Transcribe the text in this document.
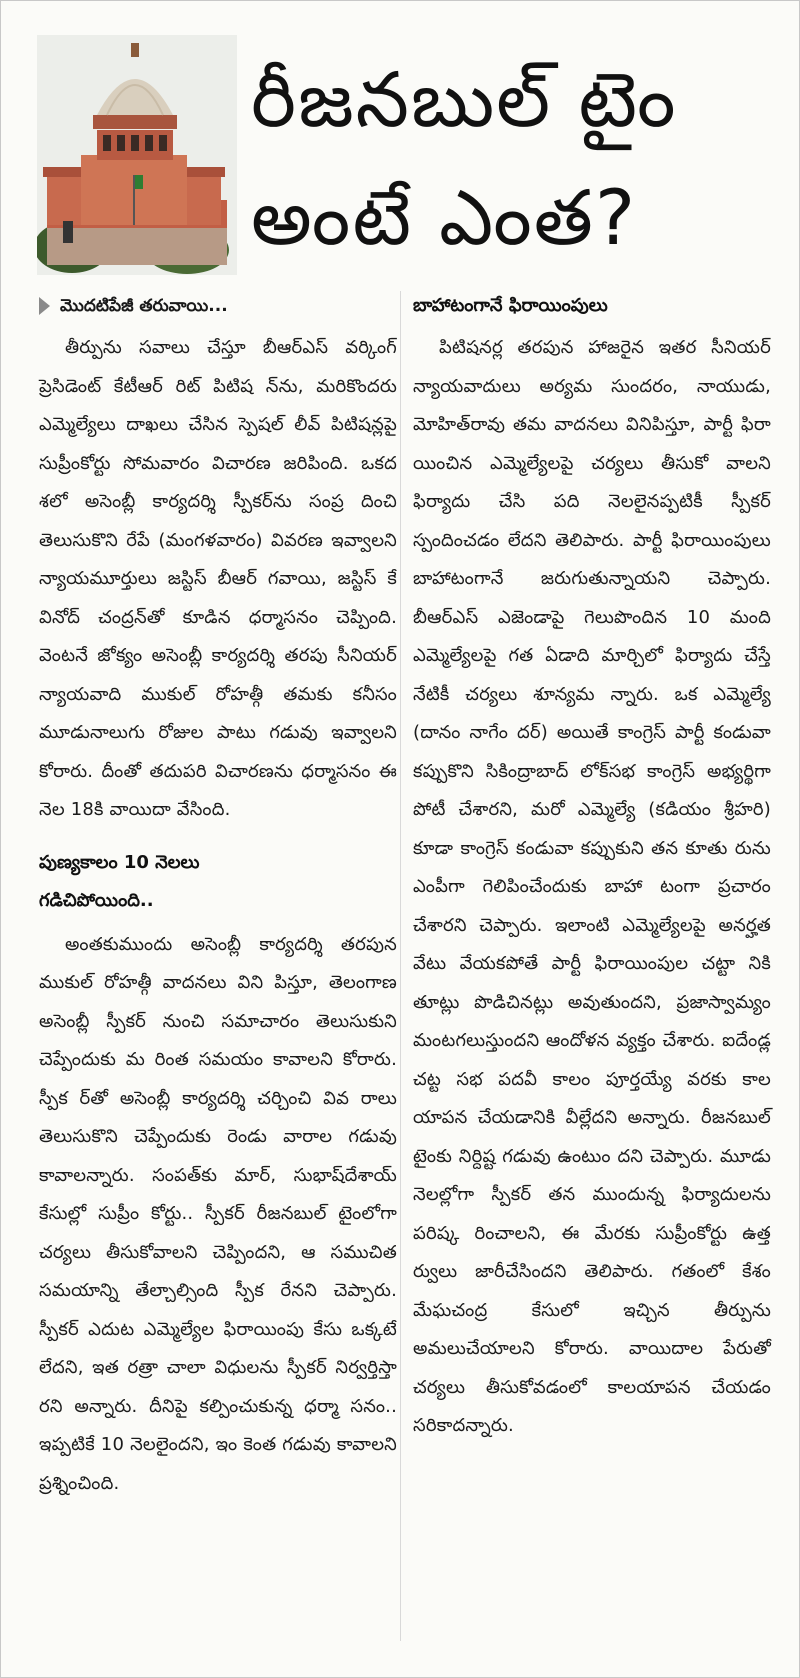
రీజనబుల్ టైం
అంటే ఎంత?
మొదటిపేజీ తరువాయి...

తీర్పును సవాలు చేస్తూ బీఆర్ఎస్ వర్కింగ్ ప్రెసిడెంట్ కేటీఆర్ రిట్ పిటిష న్‌ను, మరికొందరు ఎమ్మెల్యేలు దాఖలు చేసిన స్పెషల్ లీవ్ పిటిషన్లపై సుప్రీంకోర్టు సోమవారం విచారణ జరిపింది. ఒకద శలో అసెంబ్లీ కార్యదర్శి స్పీకర్‌ను సంప్ర దించి తెలుసుకొని రేపే (మంగళవారం) వివరణ ఇవ్వాలని న్యాయమూర్తులు జస్టిస్ బీఆర్ గవాయి, జస్టిస్ కే వినోద్ చంద్రన్‌తో కూడిన ధర్మాసనం చెప్పింది. వెంటనే జోక్యం అసెంబ్లీ కార్యదర్శి తరపు సీనియర్ న్యాయవాది ముకుల్ రోహత్గీ తమకు కనీసం మూడునాలుగు రోజుల పాటు గడువు ఇవ్వాలని కోరారు. దీంతో తదుపరి విచారణను ధర్మాసనం ఈ నెల 18కి వాయిదా వేసింది.

పుణ్యకాలం 10 నెలలు
గడిచిపోయింది..

అంతకుముందు అసెంబ్లీ కార్యదర్శి తరపున ముకుల్ రోహత్గీ వాదనలు విని పిస్తూ, తెలంగాణ అసెంబ్లీ స్పీకర్ నుంచి సమాచారం తెలుసుకుని చెప్పేందుకు మ రింత సమయం కావాలని కోరారు. స్పీక ర్‌తో అసెంబ్లీ కార్యదర్శి చర్చించి వివ రాలు తెలుసుకొని చెప్పేందుకు రెండు వారాల గడువు కావాలన్నారు. సంపత్‌కు మార్, సుభాష్‌దేశాయ్ కేసుల్లో సుప్రీం కోర్టు.. స్పీకర్ రీజనబుల్ టైంలోగా చర్యలు తీసుకోవాలని చెప్పిందని, ఆ సముచిత సమయాన్ని తేల్చాల్సింది స్పీక రేనని చెప్పారు. స్పీకర్ ఎదుట ఎమ్మెల్యేల ఫిరాయింపు కేసు ఒక్కటే లేదని, ఇత రత్రా చాలా విధులను స్పీకర్ నిర్వర్తిస్తా రని అన్నారు. దీనిపై కల్పించుకున్న ధర్మా సనం.. ఇప్పటికే 10 నెలలైందని, ఇం కెంత గడువు కావాలని ప్రశ్నించింది.

బాహాటంగానే ఫిరాయింపులు

పిటిషనర్ల తరపున హాజరైన ఇతర సీనియర్ న్యాయవాదులు అర్యమ సుందరం, నాయుడు, మోహిత్‌రావు తమ వాదనలు వినిపిస్తూ, పార్టీ ఫిరా యించిన ఎమ్మెల్యేలపై చర్యలు తీసుకో వాలని ఫిర్యాదు చేసి పది నెలలైనప్పటికీ స్పీకర్ స్పందించడం లేదని తెలిపారు. పార్టీ ఫిరాయింపులు బాహాటంగానే జరుగుతున్నాయని చెప్పారు. బీఆర్ఎస్ ఎజెండాపై గెలుపొందిన 10 మంది ఎమ్మెల్యేలపై గత ఏడాది మార్చిలో ఫిర్యాదు చేస్తే నేటికీ చర్యలు శూన్యమ న్నారు. ఒక ఎమ్మెల్యే (దానం నాగేం దర్) అయితే కాంగ్రెస్ పార్టీ కండువా కప్పుకొని సికింద్రాబాద్ లోక్‌సభ కాంగ్రెస్ అభ్యర్థిగా పోటీ చేశారని, మరో ఎమ్మెల్యే (కడియం శ్రీహరి) కూడా కాంగ్రెస్ కండువా కప్పుకుని తన కూతు రును ఎంపీగా గెలిపించేందుకు బాహా టంగా ప్రచారం చేశారని చెప్పారు. ఇలాంటి ఎమ్మెల్యేలపై అనర్హత వేటు వేయకపోతే పార్టీ ఫిరాయింపుల చట్టా నికి తూట్లు పొడిచినట్లు అవుతుందని, ప్రజాస్వామ్యం మంటగలుస్తుందని ఆందోళన వ్యక్తం చేశారు. ఐదేండ్ల చట్ట సభ పదవీ కాలం పూర్తయ్యే వరకు కాల యాపన చేయడానికి వీల్లేదని అన్నారు. రీజనబుల్ టైంకు నిర్దిష్ట గడువు ఉంటుం దని చెప్పారు. మూడు నెలల్లోగా స్పీకర్ తన ముందున్న ఫిర్యాదులను పరిష్క రించాలని, ఈ మేరకు సుప్రీంకోర్టు ఉత్త ర్వులు జారీచేసిందని తెలిపారు. గతంలో కేశం మేఘచంద్ర కేసులో ఇచ్చిన తీర్పును అమలుచేయాలని కోరారు. వాయిదాల పేరుతో చర్యలు తీసుకోవడంలో కాలయాపన చేయడం సరికాదన్నారు.
